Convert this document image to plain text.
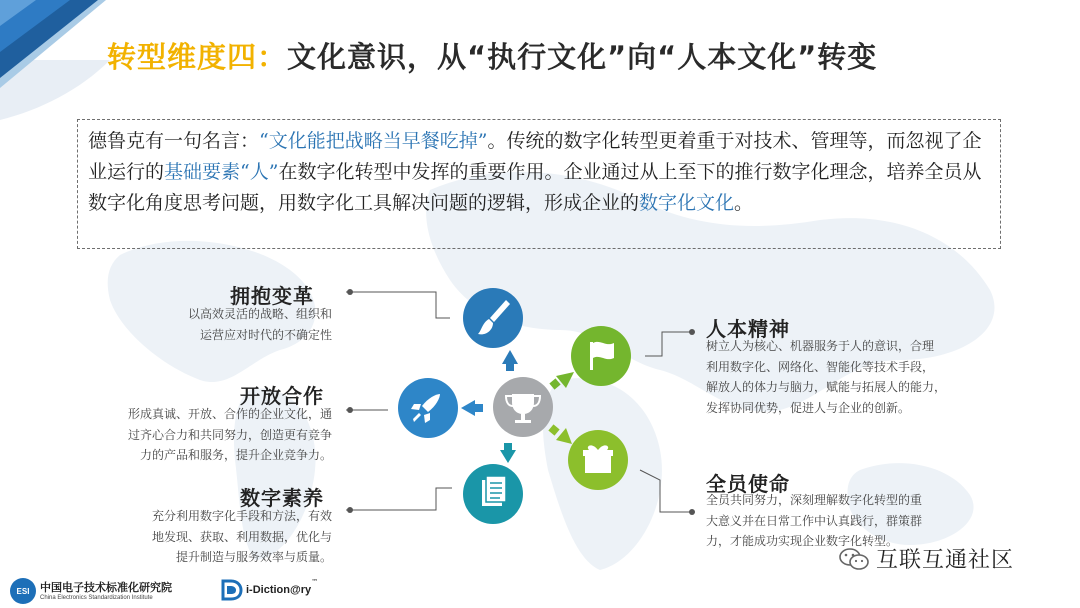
转型维度四：文化意识，从“执行文化”向“人本文化”转变
德鲁克有一句名言：“文化能把战略当早餐吃掉”。传统的数字化转型更着重于对技术、管理等，而忽视了企业运行的基础要素“人”在数字化转型中发挥的重要作用。企业通过从上至下的推行数字化理念，培养全员从数字化角度思考问题，用数字化工具解决问题的逻辑，形成企业的数字化文化。
拥抱变革
以高效灵活的战略、组织和
运营应对时代的不确定性
开放合作
形成真诚、开放、合作的企业文化，通
过齐心合力和共同努力，创造更有竞争
力的产品和服务，提升企业竞争力。
数字素养
充分利用数字化手段和方法，有效
地发现、获取、利用数据，优化与
提升制造与服务效率与质量。
人本精神
树立人为核心、机器服务于人的意识，合理
利用数字化、网络化、智能化等技术手段，
解放人的体力与脑力，赋能与拓展人的能力，
发挥协同优势，促进人与企业的创新。
全员使命
全员共同努力，深刻理解数字化转型的重
大意义并在日常工作中认真践行，群策群
力，才能成功实现企业数字化转型。
ESI 中国电子技术标准化研究院
China Electronics Standardization Institute
i-Diction@ry
™
互联互通社区
